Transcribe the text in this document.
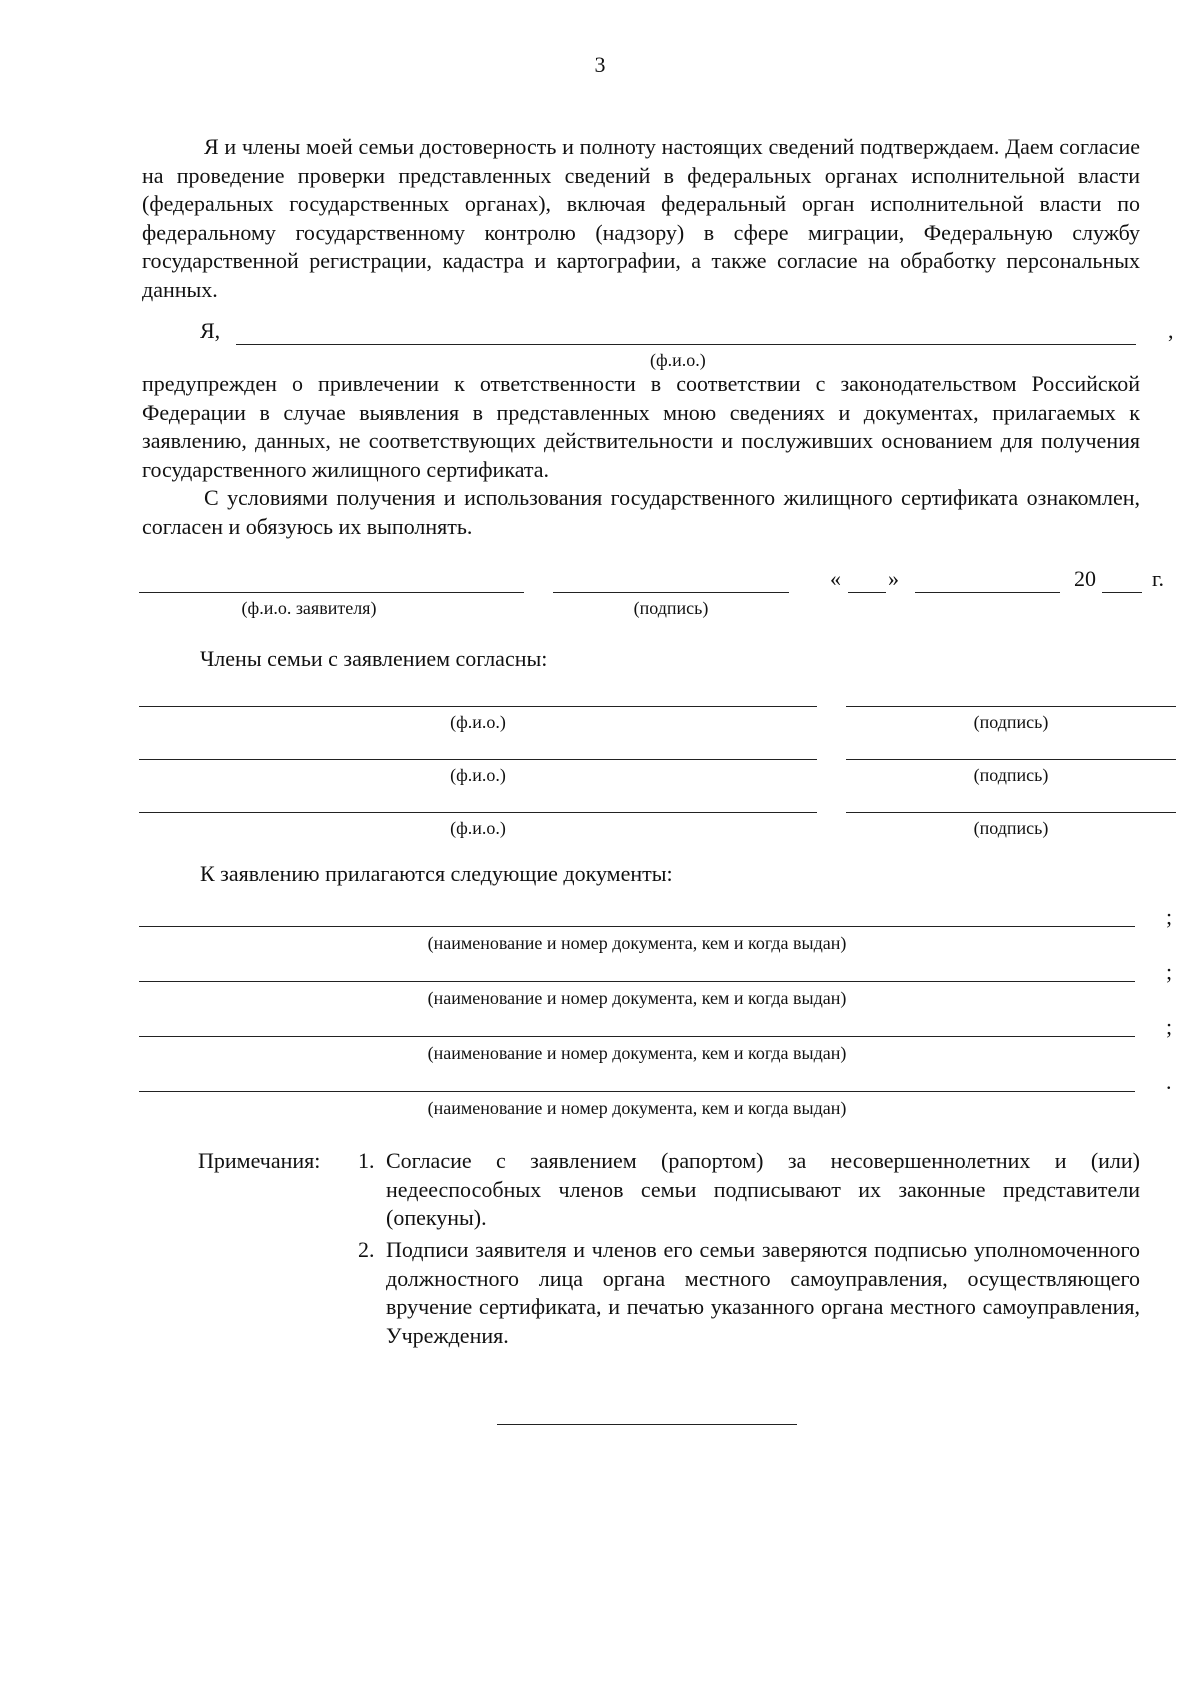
3
Я и члены моей семьи достоверность и полноту настоящих сведений подтверждаем. Даем согласие на проведение проверки представленных сведений в федеральных органах исполнительной власти (федеральных государственных органах), включая федеральный орган исполнительной власти по федеральному государственному контролю (надзору) в сфере миграции, Федеральную службу государственной регистрации, кадастра и картографии, а также согласие на обработку персональных данных.
Я,	,
(ф.и.о.)
предупрежден о привлечении к ответственности в соответствии с законодательством Российской Федерации в случае выявления в представленных мною сведениях и документах, прилагаемых к заявлению, данных, не соответствующих действительности и послуживших основанием для получения государственного жилищного сертификата.
С условиями получения и использования государственного жилищного сертификата ознакомлен, согласен и обязуюсь их выполнять.
(ф.и.о. заявителя)	(подпись)
« »	20	г.
Члены семьи с заявлением согласны:
(ф.и.о.)	(подпись)
(ф.и.о.)	(подпись)
(ф.и.о.)	(подпись)
К заявлению прилагаются следующие документы:
;
(наименование и номер документа, кем и когда выдан)
;
(наименование и номер документа, кем и когда выдан)
;
(наименование и номер документа, кем и когда выдан)
.
(наименование и номер документа, кем и когда выдан)
Примечания: 1. Согласие с заявлением (рапортом) за несовершеннолетних и (или) недееспособных членов семьи подписывают их законные представители (опекуны).
2. Подписи заявителя и членов его семьи заверяются подписью уполномоченного должностного лица органа местного самоуправления, осуществляющего вручение сертификата, и печатью указанного органа местного самоуправления, Учреждения.
